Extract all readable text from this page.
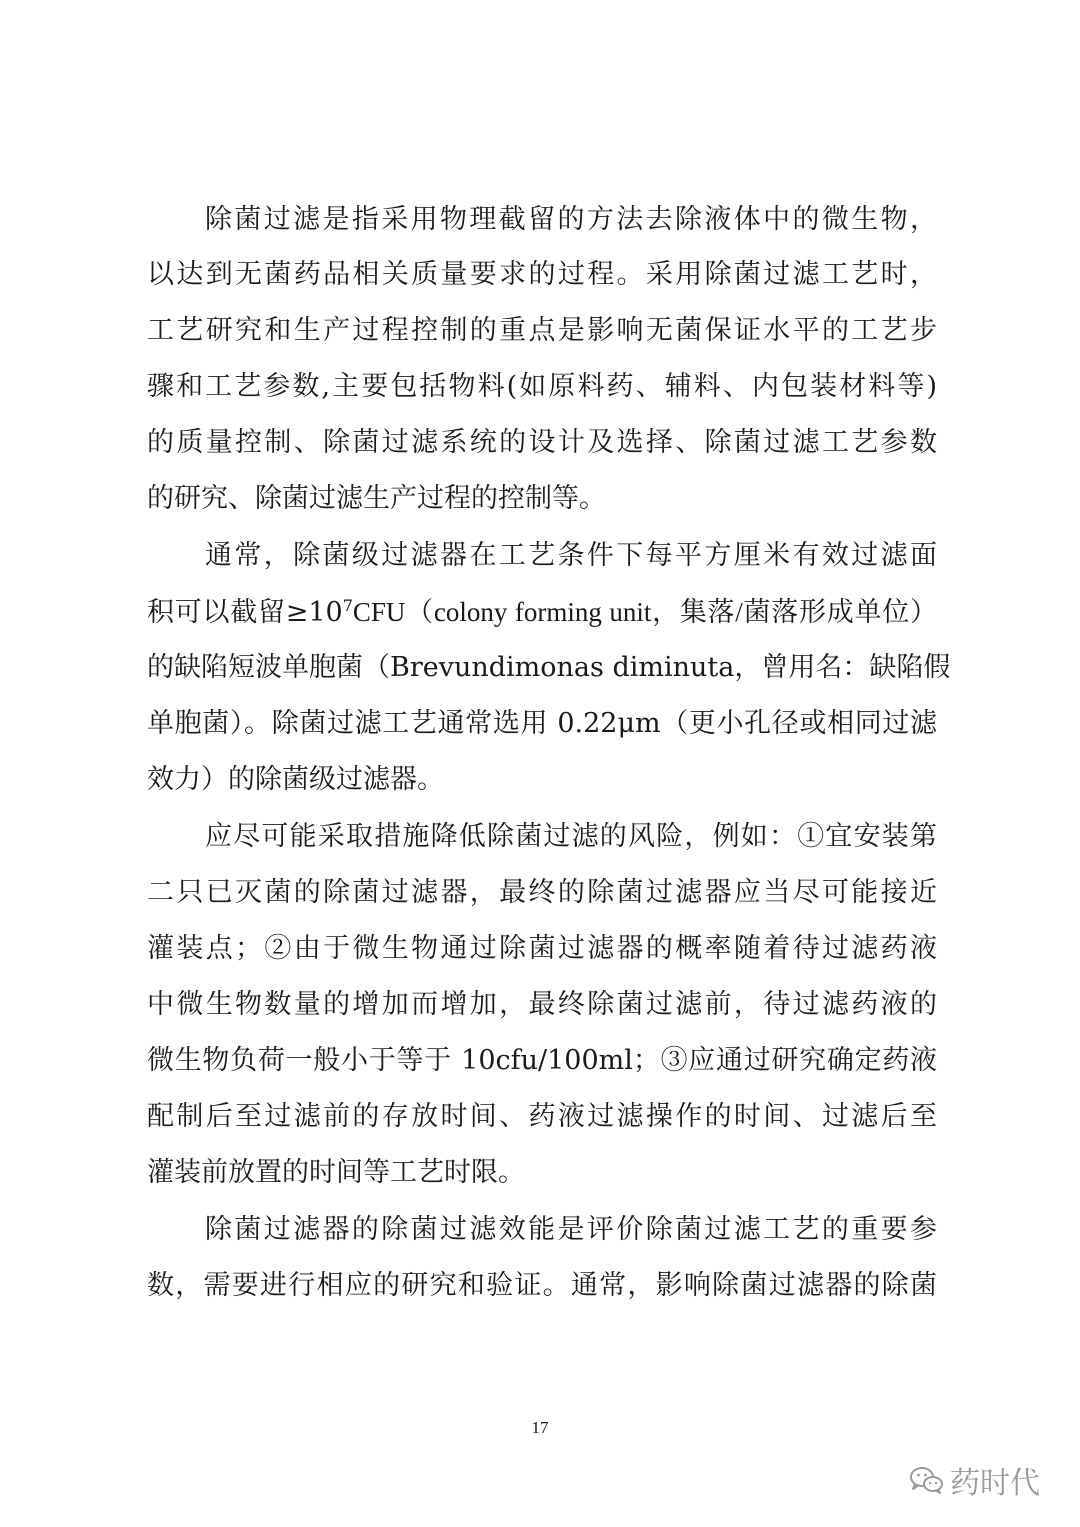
除菌过滤是指采用物理截留的方法去除液体中的微生物，
以达到无菌药品相关质量要求的过程。采用除菌过滤工艺时，
工艺研究和生产过程控制的重点是影响无菌保证水平的工艺步
骤和工艺参数,主要包括物料(如原料药、辅料、内包装材料等)
的质量控制、除菌过滤系统的设计及选择、除菌过滤工艺参数
的研究、除菌过滤生产过程的控制等。
通常，除菌级过滤器在工艺条件下每平方厘米有效过滤面
积可以截留$\ge 10^7CFU(colony$ forming unit，集落/菌落形成单位）
的缺陷短波单胞菌（Brevundimonas diminuta，曾用名：缺陷假
单胞菌）。除菌过滤工艺通常选用 0.22μm（更小孔径或相同过滤
效力）的除菌级过滤器。
应尽可能采取措施降低除菌过滤的风险，例如：①宜安装第
二只已灭菌的除菌过滤器，最终的除菌过滤器应当尽可能接近
灌装点；②由于微生物通过除菌过滤器的概率随着待过滤药液
中微生物数量的增加而增加，最终除菌过滤前，待过滤药液的
微生物负荷一般小于等于 10cfu/100ml；③应通过研究确定药液
配制后至过滤前的存放时间、药液过滤操作的时间、过滤后至
灌装前放置的时间等工艺时限。
除菌过滤器的除菌过滤效能是评价除菌过滤工艺的重要参
数，需要进行相应的研究和验证。通常，影响除菌过滤器的除菌
17
药时代
